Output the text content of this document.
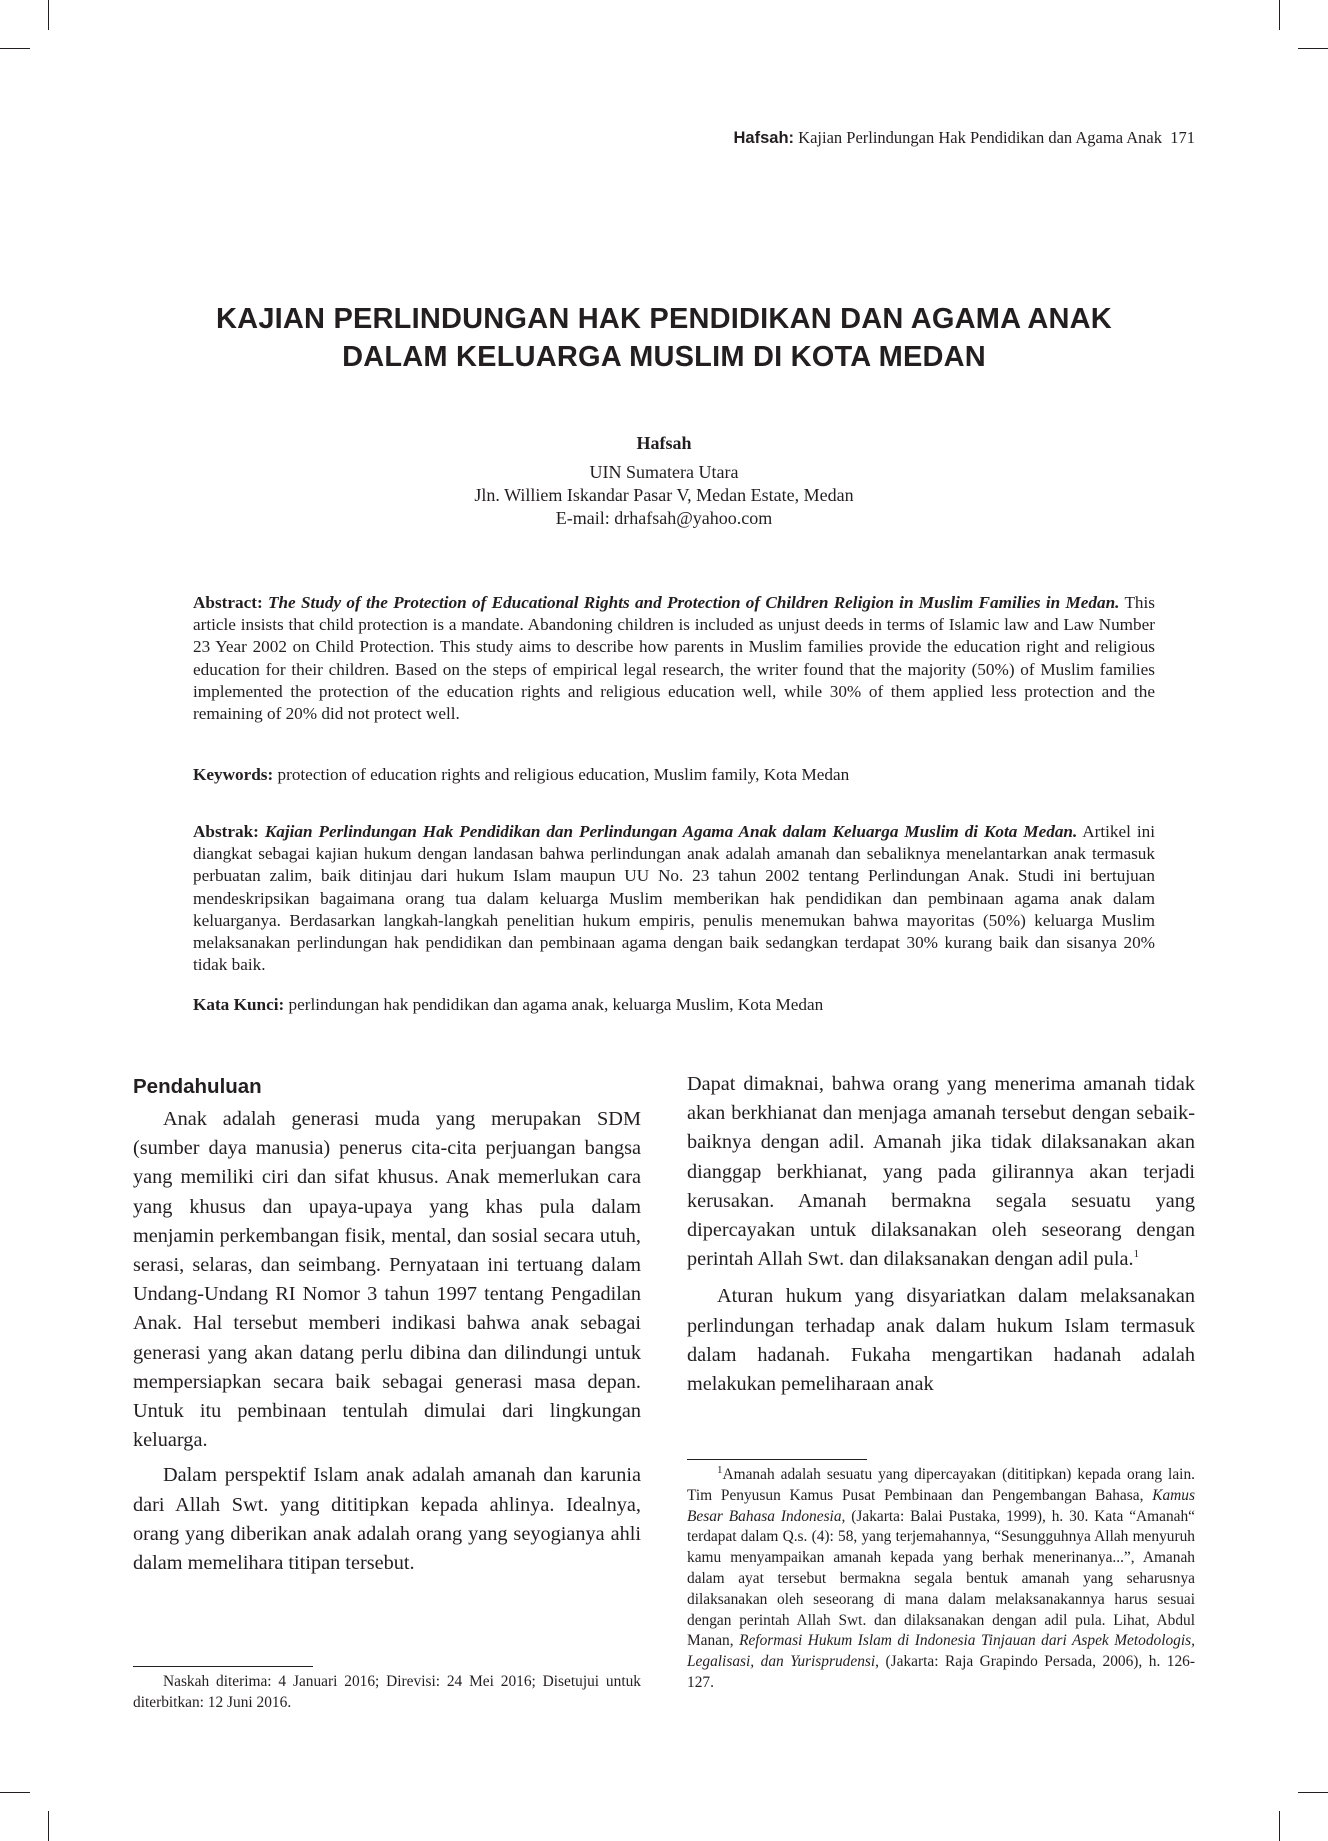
Hafsah: Kajian Perlindungan Hak Pendidikan dan Agama Anak 171
KAJIAN PERLINDUNGAN HAK PENDIDIKAN DAN AGAMA ANAK
DALAM KELUARGA MUSLIM DI KOTA MEDAN
Hafsah
UIN Sumatera Utara
Jln. Williem Iskandar Pasar V, Medan Estate, Medan
E-mail: drhafsah@yahoo.com
Abstract: The Study of the Protection of Educational Rights and Protection of Children Religion in Muslim Families in Medan. This article insists that child protection is a mandate. Abandoning children is included as unjust deeds in terms of Islamic law and Law Number 23 Year 2002 on Child Protection. This study aims to describe how parents in Muslim families provide the education right and religious education for their children. Based on the steps of empirical legal research, the writer found that the majority (50%) of Muslim families implemented the protection of the education rights and religious education well, while 30% of them applied less protection and the remaining of 20% did not protect well.
Keywords: protection of education rights and religious education, Muslim family, Kota Medan
Abstrak: Kajian Perlindungan Hak Pendidikan dan Perlindungan Agama Anak dalam Keluarga Muslim di Kota Medan. Artikel ini diangkat sebagai kajian hukum dengan landasan bahwa perlindungan anak adalah amanah dan sebaliknya menelantarkan anak termasuk perbuatan zalim, baik ditinjau dari hukum Islam maupun UU No. 23 tahun 2002 tentang Perlindungan Anak. Studi ini bertujuan mendeskripsikan bagaimana orang tua dalam keluarga Muslim memberikan hak pendidikan dan pembinaan agama anak dalam keluarganya. Berdasarkan langkah-langkah penelitian hukum empiris, penulis menemukan bahwa mayoritas (50%) keluarga Muslim melaksanakan perlindungan hak pendidikan dan pembinaan agama dengan baik sedangkan terdapat 30% kurang baik dan sisanya 20% tidak baik.
Kata Kunci: perlindungan hak pendidikan dan agama anak, keluarga Muslim, Kota Medan
Pendahuluan

Anak adalah generasi muda yang merupakan SDM (sumber daya manusia) penerus cita-cita perjuangan bangsa yang memiliki ciri dan sifat khusus. Anak memerlukan cara yang khusus dan upaya-upaya yang khas pula dalam menjamin perkembangan fisik, mental, dan sosial secara utuh, serasi, selaras, dan seimbang. Pernyataan ini tertuang dalam Undang-Undang RI Nomor 3 tahun 1997 tentang Pengadilan Anak. Hal tersebut memberi indikasi bahwa anak sebagai generasi yang akan datang perlu dibina dan dilindungi untuk mempersiapkan secara baik sebagai generasi masa depan. Untuk itu pembinaan tentulah dimulai dari lingkungan keluarga.

Dalam perspektif Islam anak adalah amanah dan karunia dari Allah Swt. yang dititipkan kepada ahlinya. Idealnya, orang yang diberikan anak adalah orang yang seyogianya ahli dalam memelihara titipan tersebut.

Naskah diterima: 4 Januari 2016; Direvisi: 24 Mei 2016; Disetujui untuk diterbitkan: 12 Juni 2016.

Dapat dimaknai, bahwa orang yang menerima amanah tidak akan berkhianat dan menjaga amanah tersebut dengan sebaik-baiknya dengan adil. Amanah jika tidak dilaksanakan akan dianggap berkhianat, yang pada gilirannya akan terjadi kerusakan. Amanah bermakna segala sesuatu yang dipercayakan untuk dilaksanakan oleh seseorang dengan perintah Allah Swt. dan dilaksanakan dengan adil pula.$^1$

Aturan hukum yang disyariatkan dalam melaksanakan perlindungan terhadap anak dalam hukum Islam termasuk dalam hadanah. Fukaha mengartikan hadanah adalah melakukan pemeliharaan anak

$^1$Amanah adalah sesuatu yang dipercayakan (dititipkan) kepada orang lain. Tim Penyusun Kamus Pusat Pembinaan dan Pengembangan Bahasa, Kamus Besar Bahasa Indonesia, (Jakarta: Balai Pustaka, 1999), h. 30. Kata “Amanah“ terdapat dalam Q.s. (4): 58, yang terjemahannya, “Sesungguhnya Allah menyuruh kamu menyampaikan amanah kepada yang berhak menerinanya...”, Amanah dalam ayat tersebut bermakna segala bentuk amanah yang seharusnya dilaksanakan oleh seseorang di mana dalam melaksanakannya harus sesuai dengan perintah Allah Swt. dan dilaksanakan dengan adil pula. Lihat, Abdul Manan, Reformasi Hukum Islam di Indonesia Tinjauan dari Aspek Metodologis, Legalisasi, dan Yurisprudensi, (Jakarta: Raja Grapindo Persada, 2006), h. 126-127.
